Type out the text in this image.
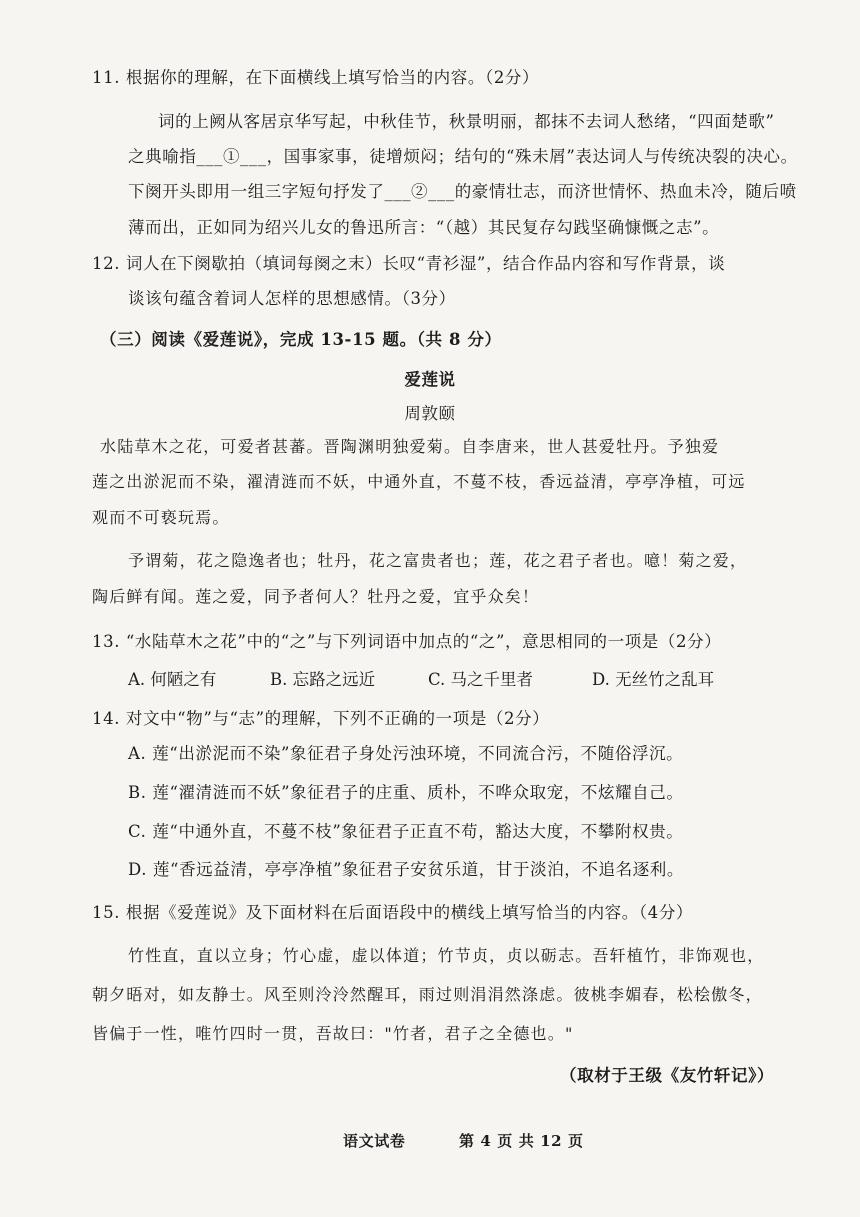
11. 根据你的理解，在下面横线上填写恰当的内容。（2分）
词的上阙从客居京华写起，中秋佳节，秋景明丽，都抹不去词人愁绪，“四面楚歌”
之典喻指___①___，国事家事，徒增烦闷；结句的“殊未屑”表达词人与传统决裂的决心。
下阕开头即用一组三字短句抒发了___②___的豪情壮志，而济世情怀、热血未冷，随后喷
薄而出，正如同为绍兴儿女的鲁迅所言：“（越）其民复存勾践坚确慷慨之志”。
12. 词人在下阕歇拍（填词每阕之末）长叹“青衫湿”，结合作品内容和写作背景，谈
谈该句蕴含着词人怎样的思想感情。（3分）
（三）阅读《爱莲说》，完成 13-15 题。（共 8 分）
爱莲说
周敦颐
水陆草木之花，可爱者甚蕃。晋陶渊明独爱菊。自李唐来，世人甚爱牡丹。予独爱
莲之出淤泥而不染，濯清涟而不妖，中通外直，不蔓不枝，香远益清，亭亭净植，可远
观而不可亵玩焉。
予谓菊，花之隐逸者也；牡丹，花之富贵者也；莲，花之君子者也。噫！菊之爱，
陶后鲜有闻。莲之爱，同予者何人？牡丹之爱，宜乎众矣！
13. “水陆草木之花”中的“之”与下列词语中加点的“之”，意思相同的一项是（2分）
A. 何陋之有	B. 忘路之远近	C. 马之千里者	D. 无丝竹之乱耳
14. 对文中“物”与“志”的理解，下列不正确的一项是（2分）
A. 莲“出淤泥而不染”象征君子身处污浊环境，不同流合污，不随俗浮沉。
B. 莲“濯清涟而不妖”象征君子的庄重、质朴，不哗众取宠，不炫耀自己。
C. 莲“中通外直，不蔓不枝”象征君子正直不苟，豁达大度，不攀附权贵。
D. 莲“香远益清，亭亭净植”象征君子安贫乐道，甘于淡泊，不追名逐利。
15. 根据《爱莲说》及下面材料在后面语段中的横线上填写恰当的内容。（4分）
竹性直，直以立身；竹心虚，虚以体道；竹节贞，贞以砺志。吾轩植竹，非饰观也，
朝夕晤对，如友静士。风至则泠泠然醒耳，雨过则涓涓然涤虑。彼桃李媚春，松桧傲冬，
皆偏于一性，唯竹四时一贯，吾故曰："竹者，君子之全德也。"
（取材于王级《友竹轩记》）
语文试卷	第 4 页 共 12 页
